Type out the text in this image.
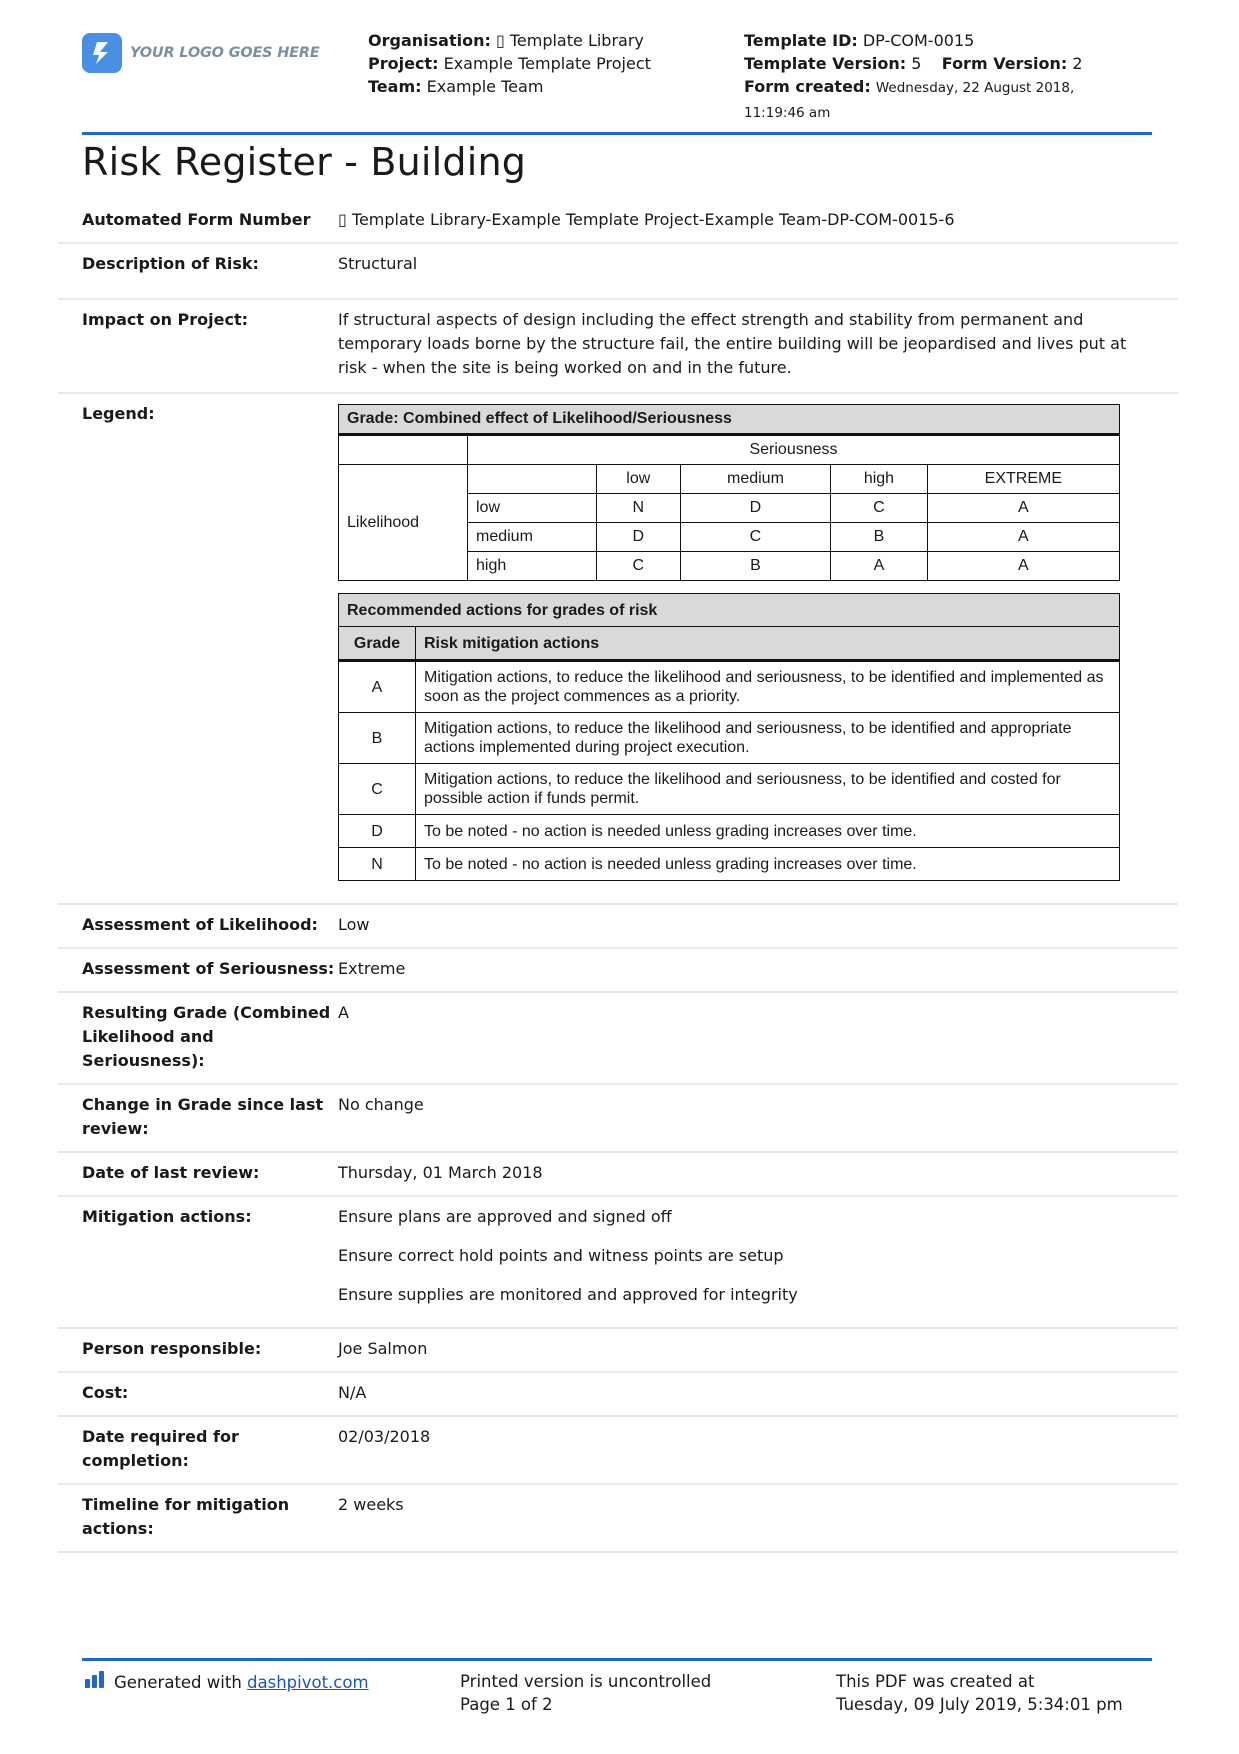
YOUR LOGO GOES HERE
Organisation: ▯ Template Library
Project: Example Template Project
Team: Example Team
Template ID: DP-COM-0015
Template Version: 5 Form Version: 2
Form created: Wednesday, 22 August 2018, 11:19:46 am
Risk Register - Building
Automated Form Number	▯ Template Library-Example Template Project-Example Team-DP-COM-0015-6
Description of Risk:	Structural
Impact on Project:	If structural aspects of design including the effect strength and stability from permanent and temporary loads borne by the structure fail, the entire building will be jeopardised and lives put at risk - when the site is being worked on and in the future.
Legend:	Grade: Combined effect of Likelihood/Seriousness					
	Seriousness				
Likelihood		low	medium	high	EXTREME
	low	N	D	C	A
	medium	D	C	B	A
	high	C	B	A	A
Recommended actions for grades of risk	
Grade	Risk mitigation actions
A	Mitigation actions, to reduce the likelihood and seriousness, to be identified and implemented as soon as the project commences as a priority.
B	Mitigation actions, to reduce the likelihood and seriousness, to be identified and appropriate actions implemented during project execution.
C	Mitigation actions, to reduce the likelihood and seriousness, to be identified and costed for possible action if funds permit.
D	To be noted - no action is needed unless grading increases over time.
N	To be noted - no action is needed unless grading increases over time.
Assessment of Likelihood:	Low
Assessment of Seriousness: Extreme
Resulting Grade (Combined Likelihood and Seriousness):
A
Change in Grade since last review:
No change
Date of last review:	Thursday, 01 March 2018
Mitigation actions:	Ensure plans are approved and signed off

Ensure correct hold points and witness points are setup

Ensure supplies are monitored and approved for integrity

Person responsible:	Joe Salmon
Cost:	N/A
Date required for completion:
02/03/2018
Timeline for mitigation actions:
2 weeks
Generated with dashpivot.com	Printed version is uncontrolled
Page 1 of 2
This PDF was created at
Tuesday, 09 July 2019, 5:34:01 pm
